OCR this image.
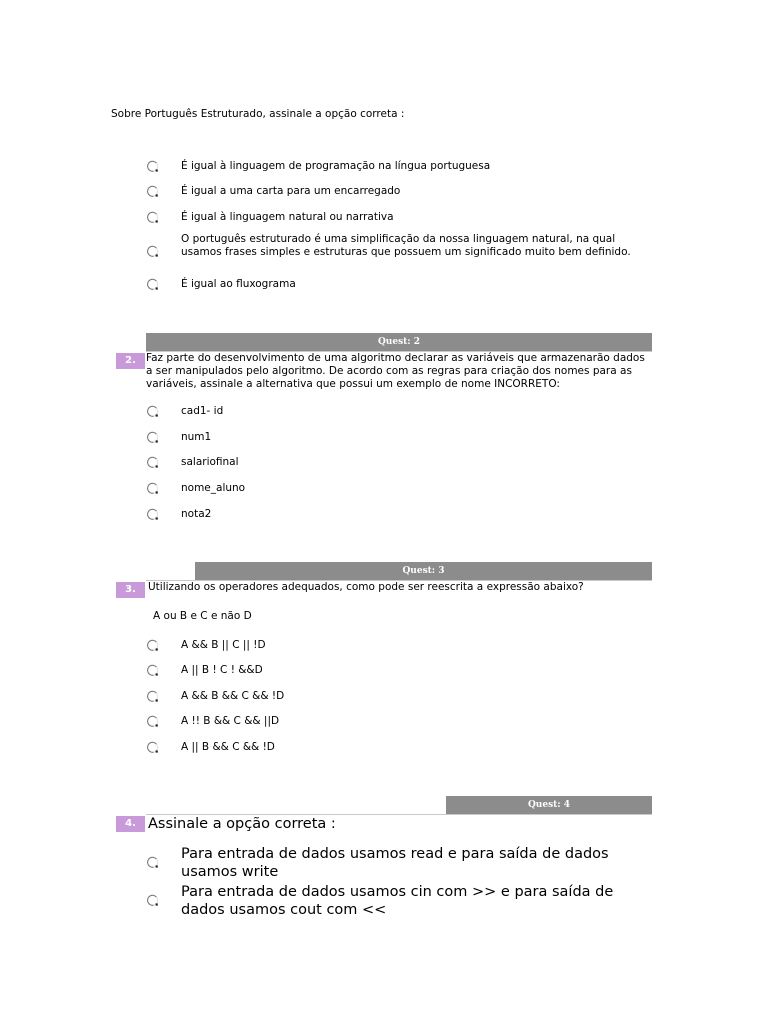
Sobre Português Estruturado, assinale a opção correta :
É igual à linguagem de programação na língua portuguesa
É igual a uma carta para um encarregado
É igual à linguagem natural ou narrativa
O português estruturado é uma simplificação da nossa linguagem natural, na qual usamos frases simples e estruturas que possuem um significado muito bem definido.
É igual ao fluxograma
Quest: 2
2. Faz parte do desenvolvimento de uma algoritmo declarar as variáveis que armazenarão dados a ser manipulados pelo algoritmo. De acordo com as regras para criação dos nomes para as variáveis, assinale a alternativa que possui um exemplo de nome INCORRETO:
cad1- id
num1
salariofinal
nome_aluno
nota2
Quest: 3
3.	Utilizando os operadores adequados, como pode ser reescrita a expressão abaixo?
A ou B e C e não D
A && B || C || !D
A || B ! C ! &&D
A && B && C && !D
A !! B && C && ||D
A || B && C && !D
Quest: 4
4. Assinale a opção correta :
Para entrada de dados usamos read e para saída de dados usamos write
Para entrada de dados usamos cin com >> e para saída de dados usamos cout com <<
